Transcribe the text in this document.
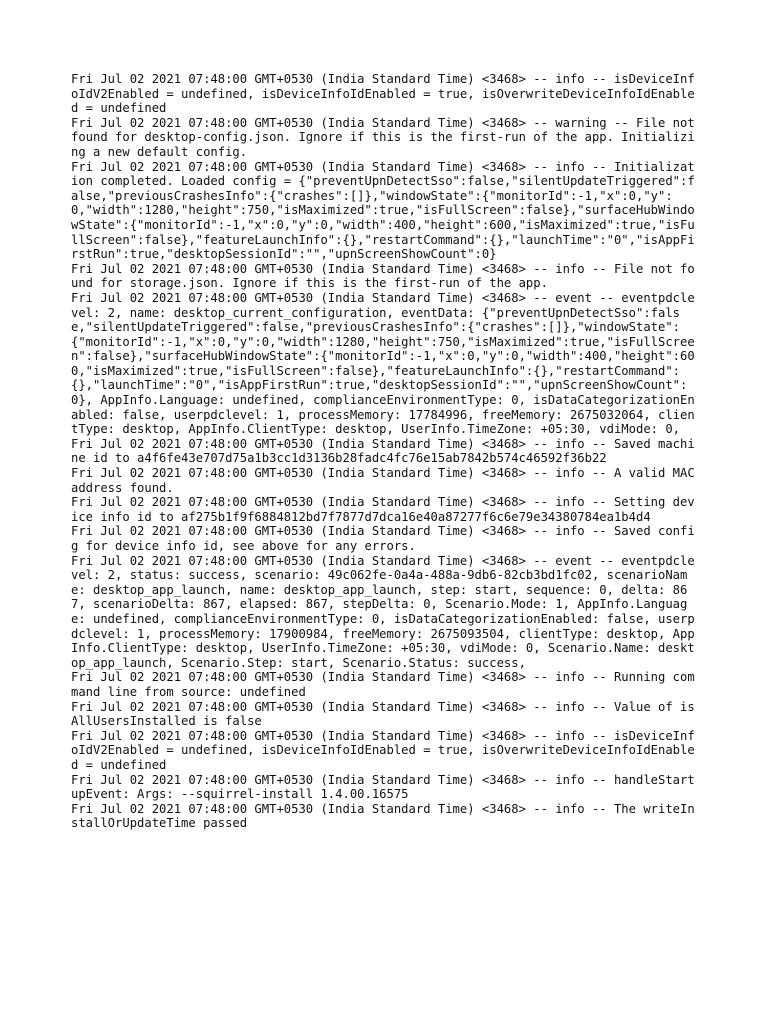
Fri Jul 02 2021 07:48:00 GMT+0530 (India Standard Time) <3468> -- info -- isDeviceInfoIdV2Enabled = undefined, isDeviceInfoIdEnabled = true, isOverwriteDeviceInfoIdEnabled = undefined

Fri Jul 02 2021 07:48:00 GMT+0530 (India Standard Time) <3468> -- warning -- File not found for desktop-config.json. Ignore if this is the first-run of the app. Initializing a new default config.

Fri Jul 02 2021 07:48:00 GMT+0530 (India Standard Time) <3468> -- info -- Initialization completed. Loaded config = {"preventUpnDetectSso":false,"silentUpdateTriggered":false,"previousCrashesInfo":{"crashes":[]},"windowState":{"monitorId":-1,"x":0,"y":0,"width":1280,"height":750,"isMaximized":true,"isFullScreen":false},"surfaceHubWindowState":{"monitorId":-1,"x":0,"y":0,"width":400,"height":600,"isMaximized":true,"isFullScreen":false},"featureLaunchInfo":{},"restartCommand":{},"launchTime":"0","isAppFirstRun":true,"desktopSessionId":"","upnScreenShowCount":0}

Fri Jul 02 2021 07:48:00 GMT+0530 (India Standard Time) <3468> -- info -- File not found for storage.json. Ignore if this is the first-run of the app.

Fri Jul 02 2021 07:48:00 GMT+0530 (India Standard Time) <3468> -- event -- eventpdclevel: 2, name: desktop_current_configuration, eventData: {"preventUpnDetectSso":false,"silentUpdateTriggered":false,"previousCrashesInfo":{"crashes":[]},"windowState":{"monitorId":-1,"x":0,"y":0,"width":1280,"height":750,"isMaximized":true,"isFullScreen":false},"surfaceHubWindowState":{"monitorId":-1,"x":0,"y":0,"width":400,"height":600,"isMaximized":true,"isFullScreen":false},"featureLaunchInfo":{},"restartCommand":{},"launchTime":"0","isAppFirstRun":true,"desktopSessionId":"","upnScreenShowCount":0}, AppInfo.Language: undefined, complianceEnvironmentType: 0, isDataCategorizationEnabled: false, userpdclevel: 1, processMemory: 17784996, freeMemory: 2675032064, clientType: desktop, AppInfo.ClientType: desktop, UserInfo.TimeZone: +05:30, vdiMode: 0,

Fri Jul 02 2021 07:48:00 GMT+0530 (India Standard Time) <3468> -- info -- Saved machine id to a4f6fe43e707d75a1b3cc1d3136b28fadc4fc76e15ab7842b574c46592f36b22

Fri Jul 02 2021 07:48:00 GMT+0530 (India Standard Time) <3468> -- info -- A valid MAC address found.

Fri Jul 02 2021 07:48:00 GMT+0530 (India Standard Time) <3468> -- info -- Setting device info id to af275b1f9f6884812bd7f7877d7dca16e40a87277f6c6e79e34380784ea1b4d4

Fri Jul 02 2021 07:48:00 GMT+0530 (India Standard Time) <3468> -- info -- Saved config for device info id, see above for any errors.

Fri Jul 02 2021 07:48:00 GMT+0530 (India Standard Time) <3468> -- event -- eventpdclevel: 2, status: success, scenario: 49c062fe-0a4a-488a-9db6-82cb3bd1fc02, scenarioName: desktop_app_launch, name: desktop_app_launch, step: start, sequence: 0, delta: 867, scenarioDelta: 867, elapsed: 867, stepDelta: 0, Scenario.Mode: 1, AppInfo.Language: undefined, complianceEnvironmentType: 0, isDataCategorizationEnabled: false, userpdclevel: 1, processMemory: 17900984, freeMemory: 2675093504, clientType: desktop, AppInfo.ClientType: desktop, UserInfo.TimeZone: +05:30, vdiMode: 0, Scenario.Name: desktop_app_launch, Scenario.Step: start, Scenario.Status: success,

Fri Jul 02 2021 07:48:00 GMT+0530 (India Standard Time) <3468> -- info -- Running command line from source: undefined

Fri Jul 02 2021 07:48:00 GMT+0530 (India Standard Time) <3468> -- info -- Value of isAllUsersInstalled is false

Fri Jul 02 2021 07:48:00 GMT+0530 (India Standard Time) <3468> -- info -- isDeviceInfoIdV2Enabled = undefined, isDeviceInfoIdEnabled = true, isOverwriteDeviceInfoIdEnabled = undefined

Fri Jul 02 2021 07:48:00 GMT+0530 (India Standard Time) <3468> -- info -- handleStartupEvent: Args: --squirrel-install 1.4.00.16575

Fri Jul 02 2021 07:48:00 GMT+0530 (India Standard Time) <3468> -- info -- The writeInstallOrUpdateTime passed
